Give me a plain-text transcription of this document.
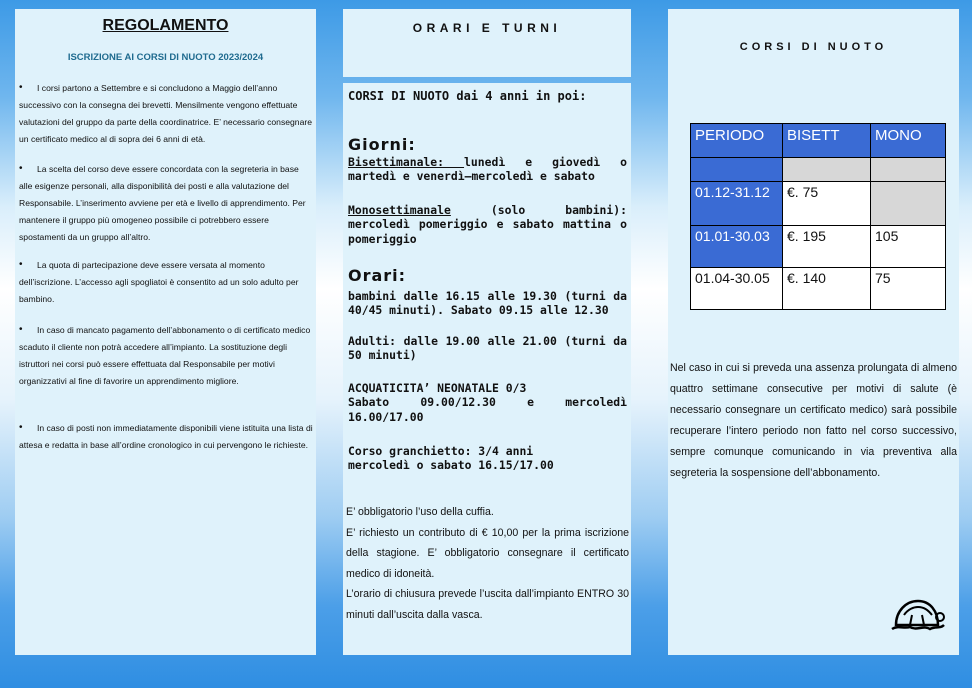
REGOLAMENTO
ISCRIZIONE AI CORSI DI NUOTO 2023/2024
•	I corsi partono a Settembre e si concludono a Maggio dell’anno successivo con la consegna dei brevetti. Mensilmente vengono effettuate valutazioni del gruppo da parte della coordinatrice. E’ necessario consegnare un certificato medico al di sopra dei 6 anni di età.
•	La scelta del corso deve essere concordata con la segreteria in base alle esigenze personali, alla disponibilità dei posti e alla valutazione del Responsabile. L’inserimento avviene per età e livello di apprendimento. Per mantenere il gruppo più omogeneo possibile ci potrebbero essere spostamenti da un gruppo all’altro.
•	La quota di partecipazione deve essere versata al momento dell’iscrizione. L’accesso agli spogliatoi è consentito ad un solo adulto per bambino.
•	In caso di mancato pagamento dell’abbonamento o di certificato medico scaduto il cliente non potrà accedere all’impianto. La sostituzione degli istruttori nei corsi può essere effettuata dal Responsabile per motivi organizzativi al fine di favorire un apprendimento migliore.
•	In caso di posti non immediatamente disponibili viene istituita una lista di attesa e redatta in base all’ordine cronologico in cui pervengono le richieste.
ORARI E TURNI
CORSI DI NUOTO dai 4 anni in poi:
Giorni:
Bisettimanale: lunedì e giovedì o martedì e venerdì—mercoledì e sabato
Monosettimanale (solo bambini): mercoledì pomeriggio e sabato mattina o pomeriggio
Orari:
bambini dalle 16.15 alle 19.30 (turni da 40/45 minuti). Sabato 09.15 alle 12.30
Adulti: dalle 19.00 alle 21.00 (turni da 50 minuti)
ACQUATICITA’ NEONATALE 0/3
Sabato 09.00/12.30 e mercoledì 16.00/17.00
Corso granchietto: 3/4 anni
mercoledì o sabato 16.15/17.00
E’ obbligatorio l’uso della cuffia.
E’ richiesto un contributo di € 10,00 per la prima iscrizione della stagione. E’ obbligatorio consegnare il certificato medico di idoneità.
L’orario di chiusura prevede l’uscita dall’impianto ENTRO 30 minuti dall’uscita dalla vasca.
CORSI DI NUOTO
PERIODO	BISETT	MONO

01.12-31.12	€. 75	
01.01-30.03	€. 195	105
01.04-30.05	€. 140	75
Nel caso in cui si preveda una assenza prolungata di almeno quattro settimane consecutive per motivi di salute (è necessario consegnare un certificato medico) sarà possibile recuperare l’intero periodo non fatto nel corso successivo, sempre comunque comunicando in via preventiva alla segreteria la sospensione dell’abbonamento.
